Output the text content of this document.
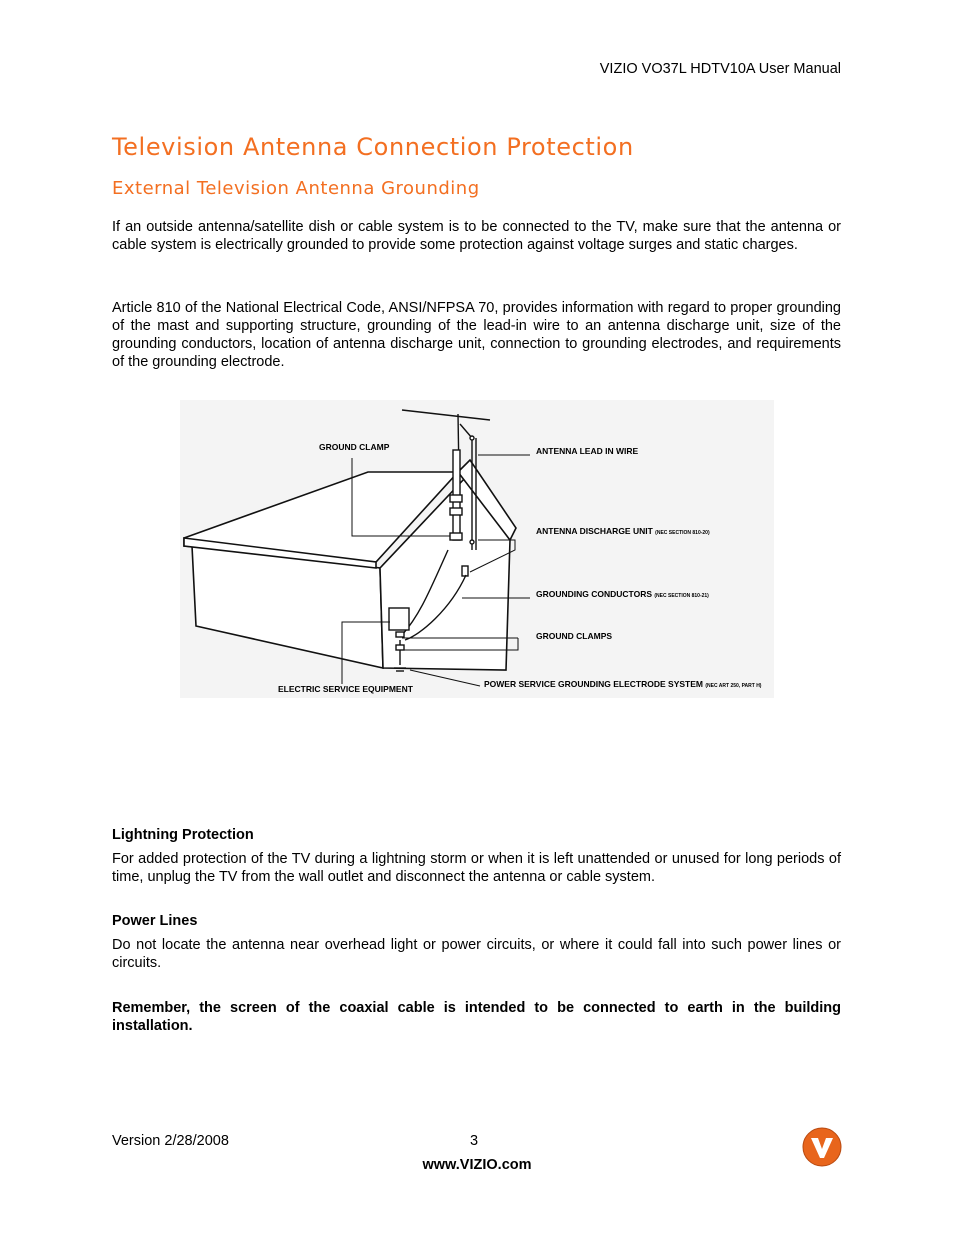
VIZIO VO37L HDTV10A User Manual
Television Antenna Connection Protection
External Television Antenna Grounding
If an outside antenna/satellite dish or cable system is to be connected to the TV, make sure that the antenna or cable system is electrically grounded to provide some protection against voltage surges and static charges.
Article 810 of the National Electrical Code, ANSI/NFPSA 70, provides information with regard to proper grounding of the mast and supporting structure, grounding of the lead-in wire to an antenna discharge unit, size of the grounding conductors, location of antenna discharge unit, connection to grounding electrodes, and requirements of the grounding electrode.
GROUND CLAMP	ANTENNA LEAD IN WIRE
ANTENNA DISCHARGE UNIT (NEC SECTION 810-20)
GROUNDING CONDUCTORS (NEC SECTION 810-21)
GROUND CLAMPS
POWER SERVICE GROUNDING ELECTRODE SYSTEM (NEC ART 250, PART H)
ELECTRIC SERVICE EQUIPMENT
Lightning Protection
For added protection of the TV during a lightning storm or when it is left unattended or unused for long periods of time, unplug the TV from the wall outlet and disconnect the antenna or cable system.
Power Lines
Do not locate the antenna near overhead light or power circuits, or where it could fall into such power lines or circuits.
Remember, the screen of the coaxial cable is intended to be connected to earth in the building installation.
Version 2/28/2008	3
www.VIZIO.com
